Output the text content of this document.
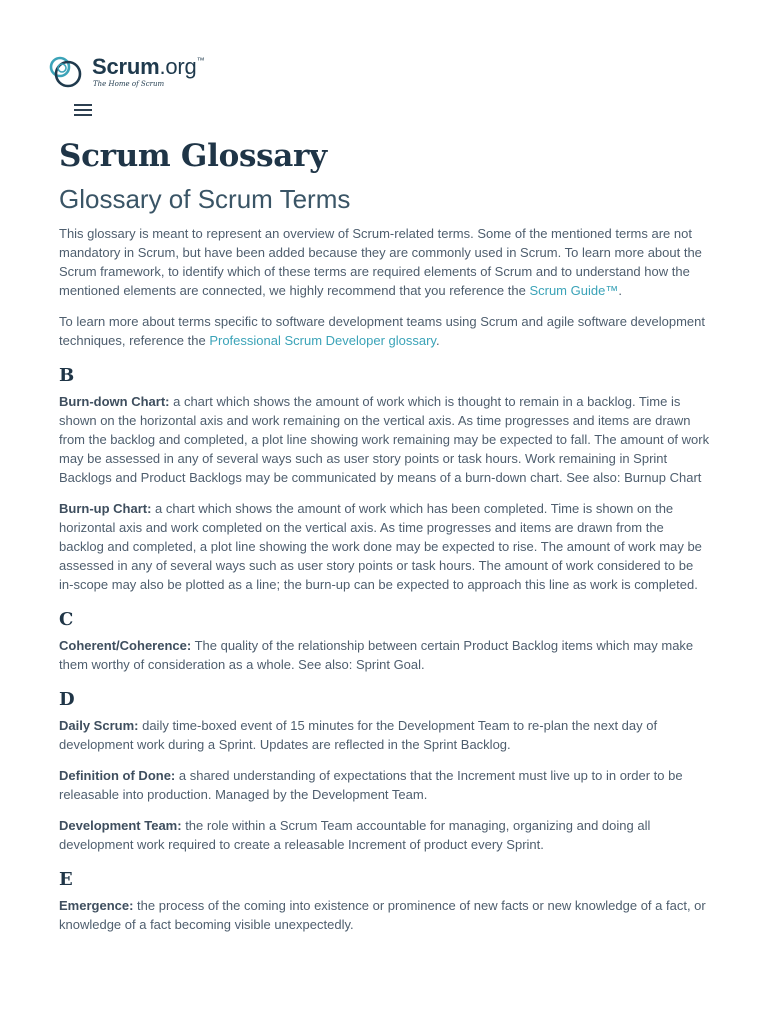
Scrum.org™
The Home of Scrum
Scrum Glossary
Glossary of Scrum Terms

This glossary is meant to represent an overview of Scrum-related terms. Some of the mentioned terms are not mandatory in Scrum, but have been added because they are commonly used in Scrum. To learn more about the Scrum framework, to identify which of these terms are required elements of Scrum and to understand how the mentioned elements are connected, we highly recommend that you reference the Scrum Guide™.

To learn more about terms specific to software development teams using Scrum and agile software development techniques, reference the Professional Scrum Developer glossary.

B

Burn-down Chart: a chart which shows the amount of work which is thought to remain in a backlog. Time is shown on the horizontal axis and work remaining on the vertical axis. As time progresses and items are drawn from the backlog and completed, a plot line showing work remaining may be expected to fall. The amount of work may be assessed in any of several ways such as user story points or task hours. Work remaining in Sprint Backlogs and Product Backlogs may be communicated by means of a burn-down chart. See also: Burnup Chart

Burn-up Chart: a chart which shows the amount of work which has been completed. Time is shown on the horizontal axis and work completed on the vertical axis. As time progresses and items are drawn from the backlog and completed, a plot line showing the work done may be expected to rise. The amount of work may be assessed in any of several ways such as user story points or task hours. The amount of work considered to be in-scope may also be plotted as a line; the burn-up can be expected to approach this line as work is completed.

C

Coherent/Coherence: The quality of the relationship between certain Product Backlog items which may make them worthy of consideration as a whole. See also: Sprint Goal.

D

Daily Scrum: daily time-boxed event of 15 minutes for the Development Team to re-plan the next day of development work during a Sprint. Updates are reflected in the Sprint Backlog.

Definition of Done: a shared understanding of expectations that the Increment must live up to in order to be releasable into production. Managed by the Development Team.

Development Team: the role within a Scrum Team accountable for managing, organizing and doing all development work required to create a releasable Increment of product every Sprint.

E

Emergence: the process of the coming into existence or prominence of new facts or new knowledge of a fact, or knowledge of a fact becoming visible unexpectedly.
